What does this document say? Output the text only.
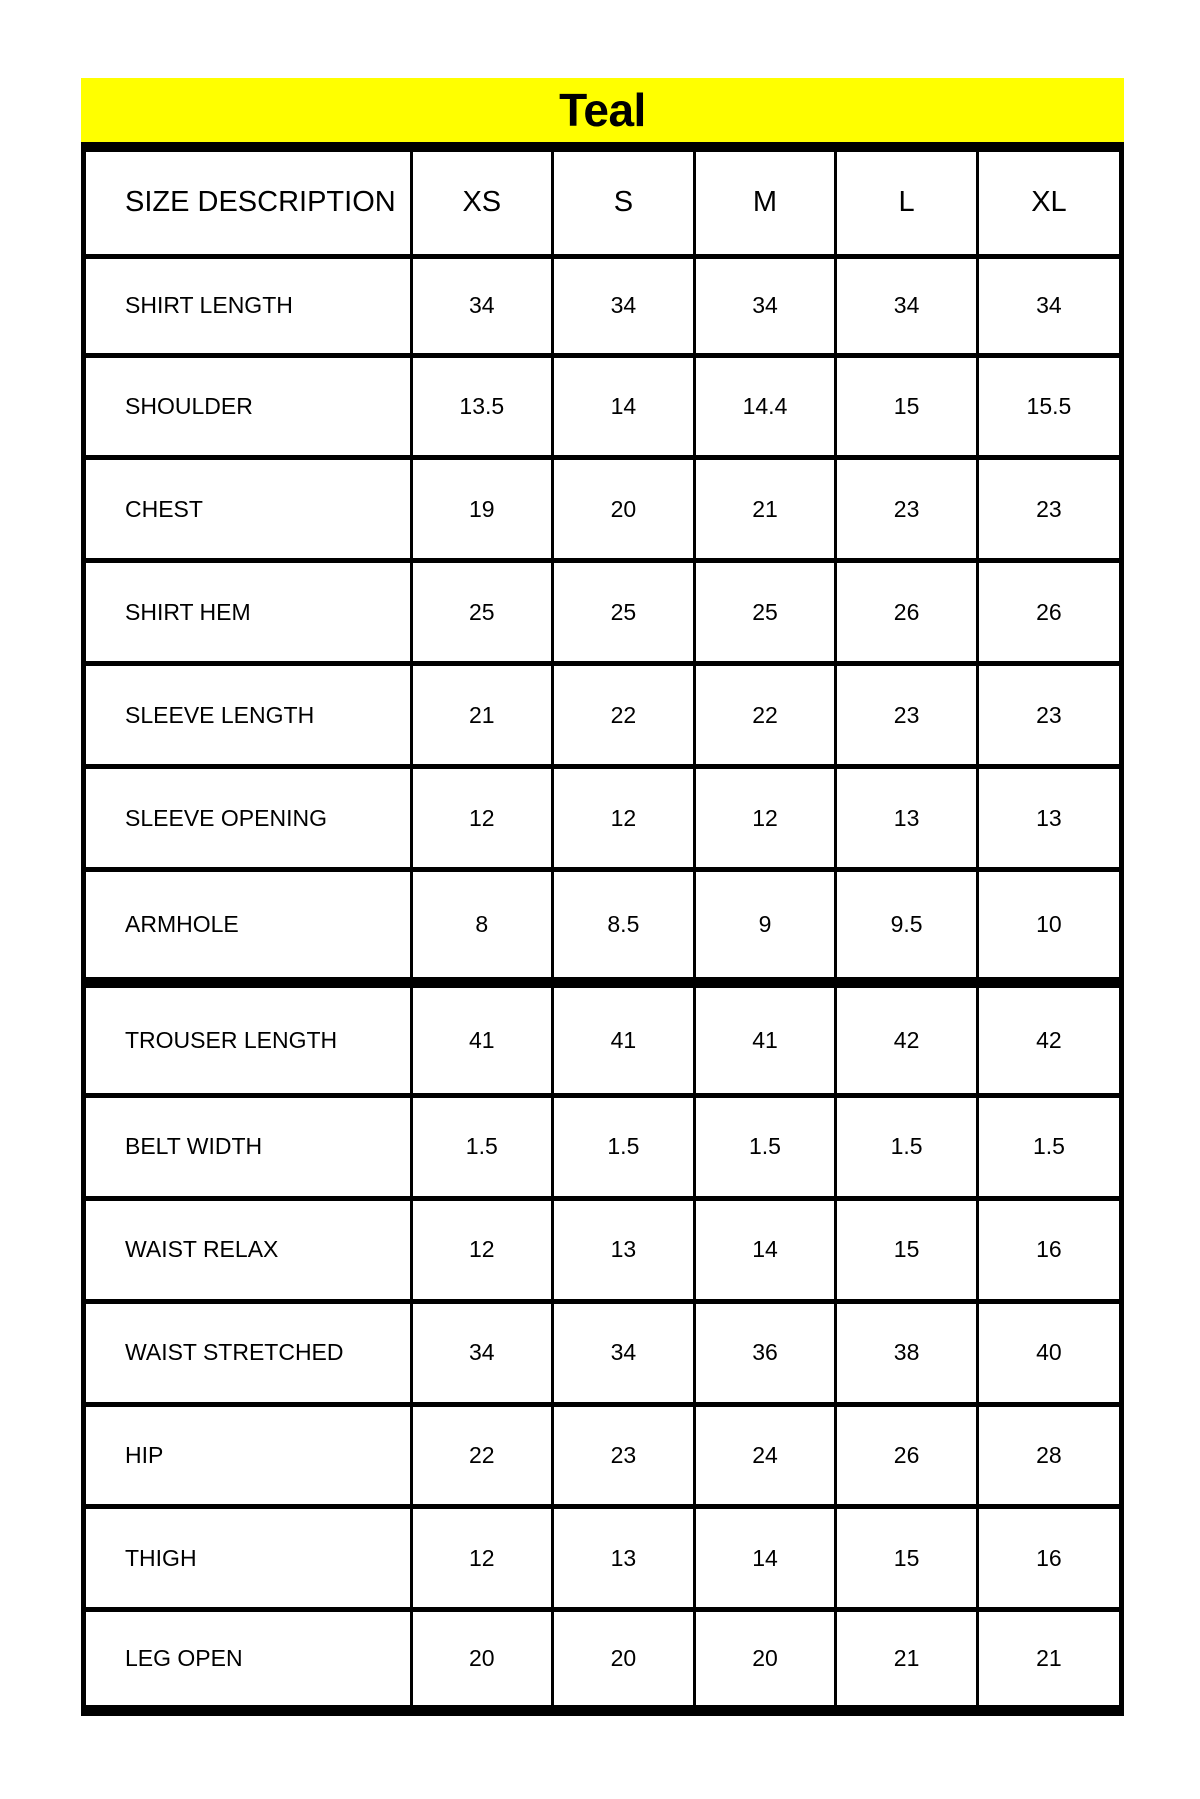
Teal
SIZE DESCRIPTION	XS	S	M	L	XL
SHIRT LENGTH	34	34	34	34	34
SHOULDER	13.5	14	14.4	15	15.5
CHEST	19	20	21	23	23
SHIRT HEM	25	25	25	26	26
SLEEVE LENGTH	21	22	22	23	23
SLEEVE OPENING	12	12	12	13	13
ARMHOLE	8	8.5	9	9.5	10
TROUSER LENGTH	41	41	41	42	42
BELT WIDTH	1.5	1.5	1.5	1.5	1.5
WAIST RELAX	12	13	14	15	16
WAIST STRETCHED	34	34	36	38	40
HIP	22	23	24	26	28
THIGH	12	13	14	15	16
LEG OPEN	20	20	20	21	21
